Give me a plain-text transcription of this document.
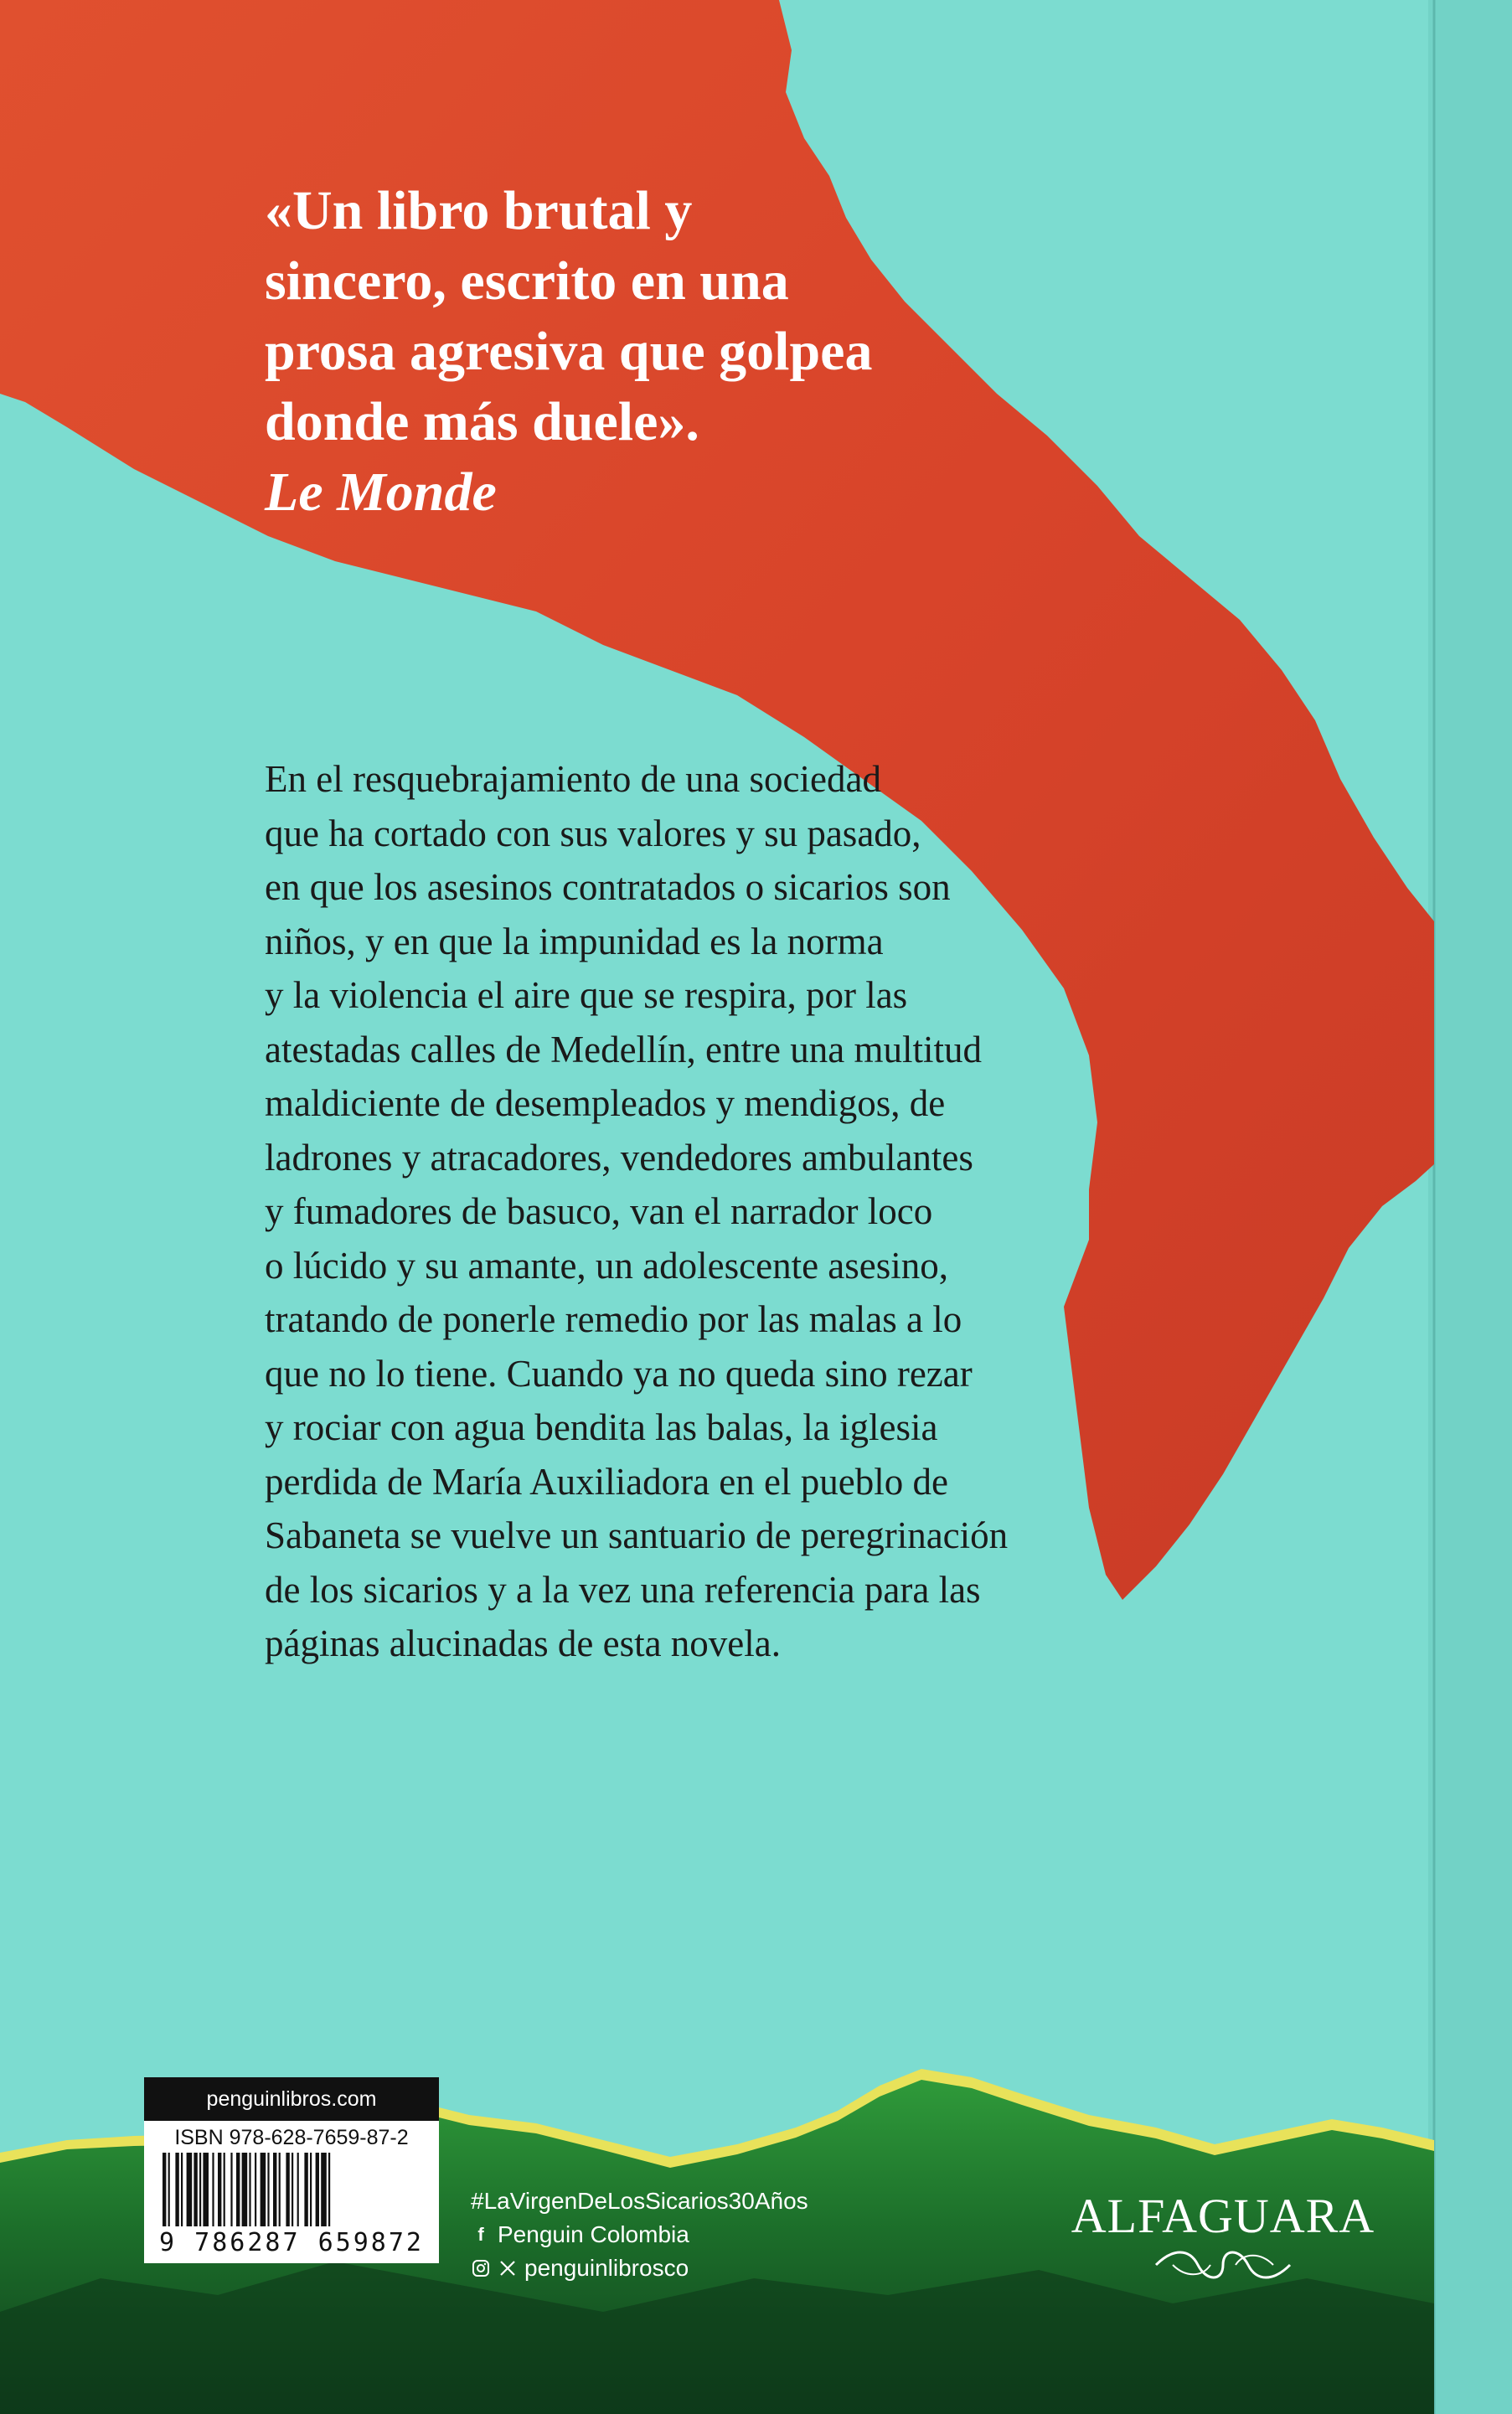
«Un libro brutal y
sincero, escrito en una
prosa agresiva que golpea
donde más duele».
Le Monde
En el resquebrajamiento de una sociedad
que ha cortado con sus valores y su pasado,
en que los asesinos contratados o sicarios son
niños, y en que la impunidad es la norma
y la violencia el aire que se respira, por las
atestadas calles de Medellín, entre una multitud
maldiciente de desempleados y mendigos, de
ladrones y atracadores, vendedores ambulantes
y fumadores de basuco, van el narrador loco
o lúcido y su amante, un adolescente asesino,
tratando de ponerle remedio por las malas a lo
que no lo tiene. Cuando ya no queda sino rezar
y rociar con agua bendita las balas, la iglesia
perdida de María Auxiliadora en el pueblo de
Sabaneta se vuelve un santuario de peregrinación
de los sicarios y a la vez una referencia para las
páginas alucinadas de esta novela.
penguinlibros.com
ISBN 978-628-7659-87-2
9 786287 659872
#LaVirgenDeLosSicarios30Años
f Penguin Colombia
penguinlibrosco
ALFAGUARA
